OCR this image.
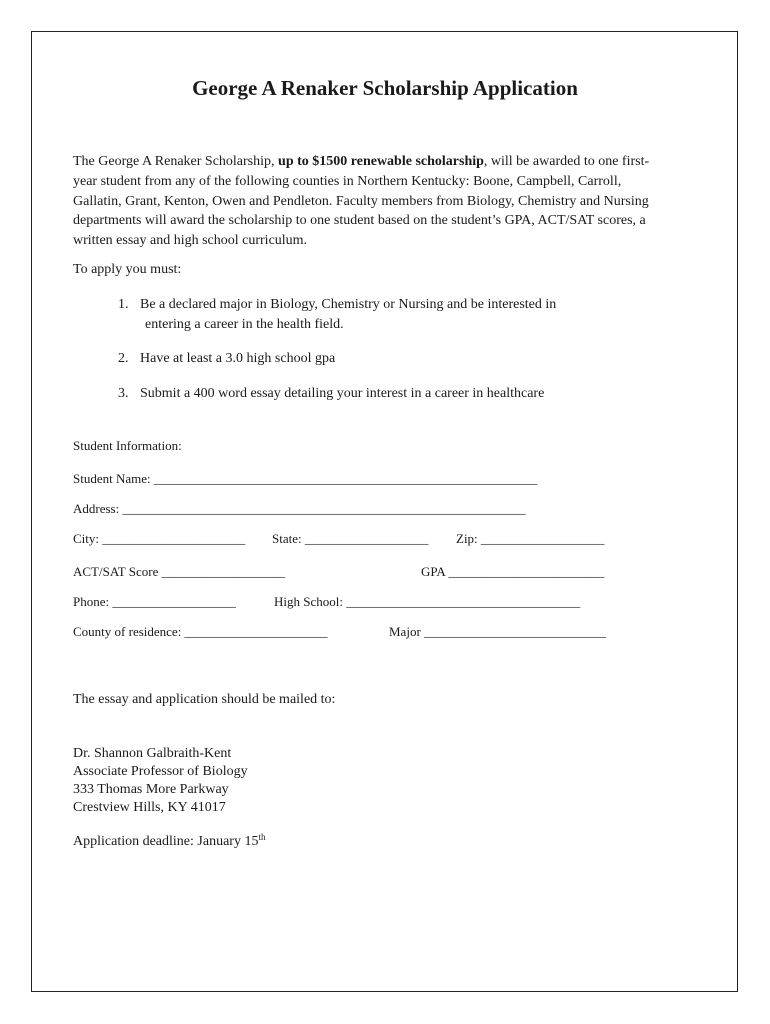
George A Renaker Scholarship Application
The George A Renaker Scholarship, up to $1500 renewable scholarship, will be awarded to one first-year student from any of the following counties in Northern Kentucky: Boone, Campbell, Carroll, Gallatin, Grant, Kenton, Owen and Pendleton. Faculty members from Biology, Chemistry and Nursing departments will award the scholarship to one student based on the student’s GPA, ACT/SAT scores, a written essay and high school curriculum.
To apply you must:
1. Be a declared major in Biology, Chemistry or Nursing and be interested in
entering a career in the health field.
2. Have at least a 3.0 high school gpa
3. Submit a 400 word essay detailing your interest in a career in healthcare
Student Information:
Student Name: ___________________________________________________________
Address: ______________________________________________________________
City: ______________________ State: ___________________ Zip: ___________________
ACT/SAT Score ___________________	GPA ________________________
Phone: ___________________	High School: ____________________________________
County of residence: ______________________	Major ____________________________
The essay and application should be mailed to:
Dr. Shannon Galbraith-Kent
Associate Professor of Biology
333 Thomas More Parkway
Crestview Hills, KY 41017
Application deadline: January 15th
